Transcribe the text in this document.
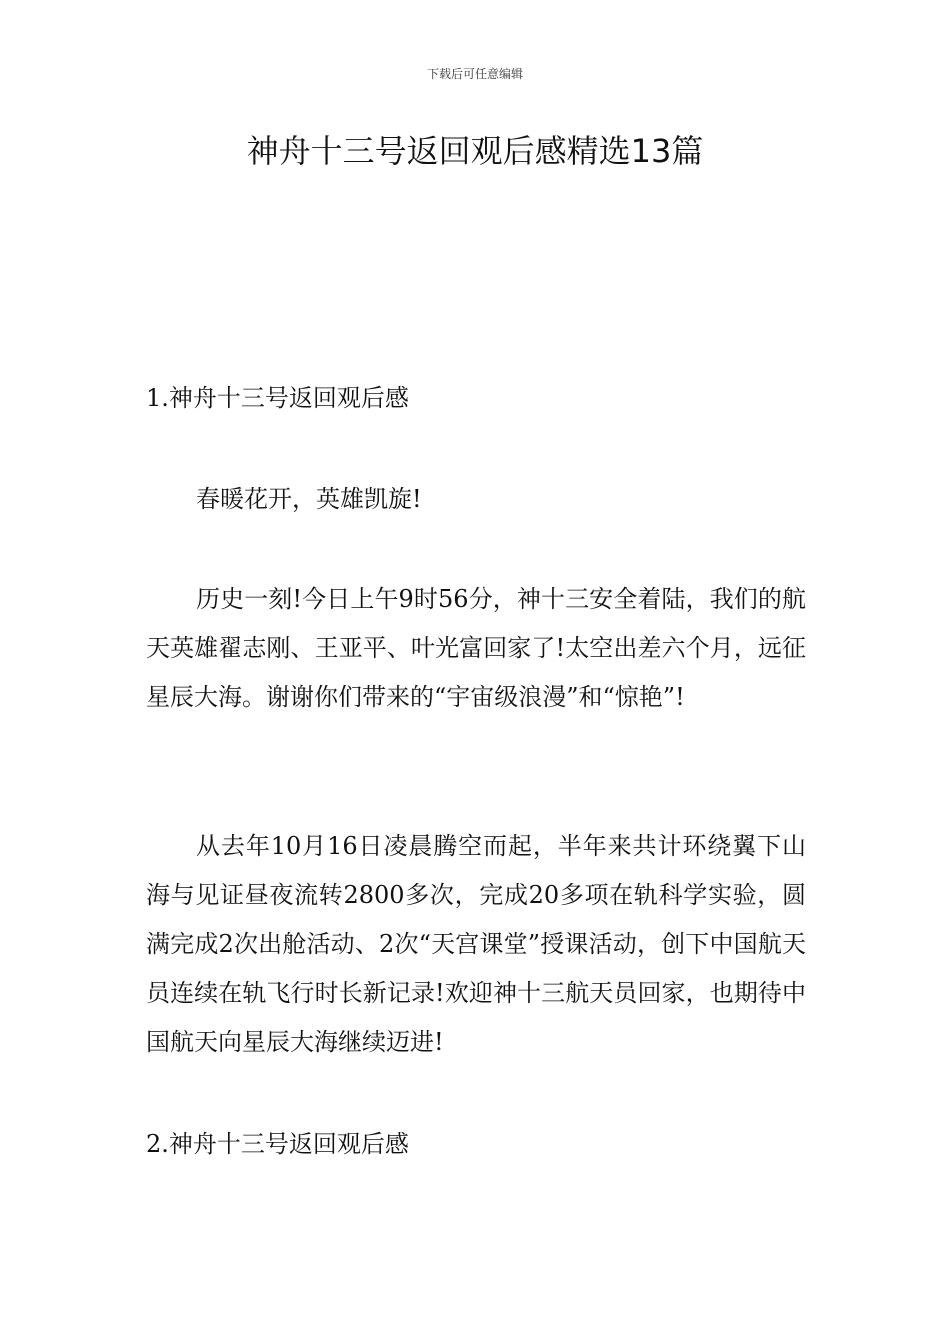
下载后可任意编辑
神舟十三号返回观后感精选13篇
1.神舟十三号返回观后感

春暖花开，英雄凯旋!

历史一刻!今日上午9时56分，神十三安全着陆，我们的航天英雄翟志刚、王亚平、叶光富回家了!太空出差六个月，远征星辰大海。谢谢你们带来的“宇宙级浪漫”和“惊艳”!

从去年10月16日凌晨腾空而起，半年来共计环绕翼下山海与见证昼夜流转2800多次，完成20多项在轨科学实验，圆满完成2次出舱活动、2次“天宫课堂”授课活动，创下中国航天员连续在轨飞行时长新记录!欢迎神十三航天员回家，也期待中国航天向星辰大海继续迈进!

2.神舟十三号返回观后感
